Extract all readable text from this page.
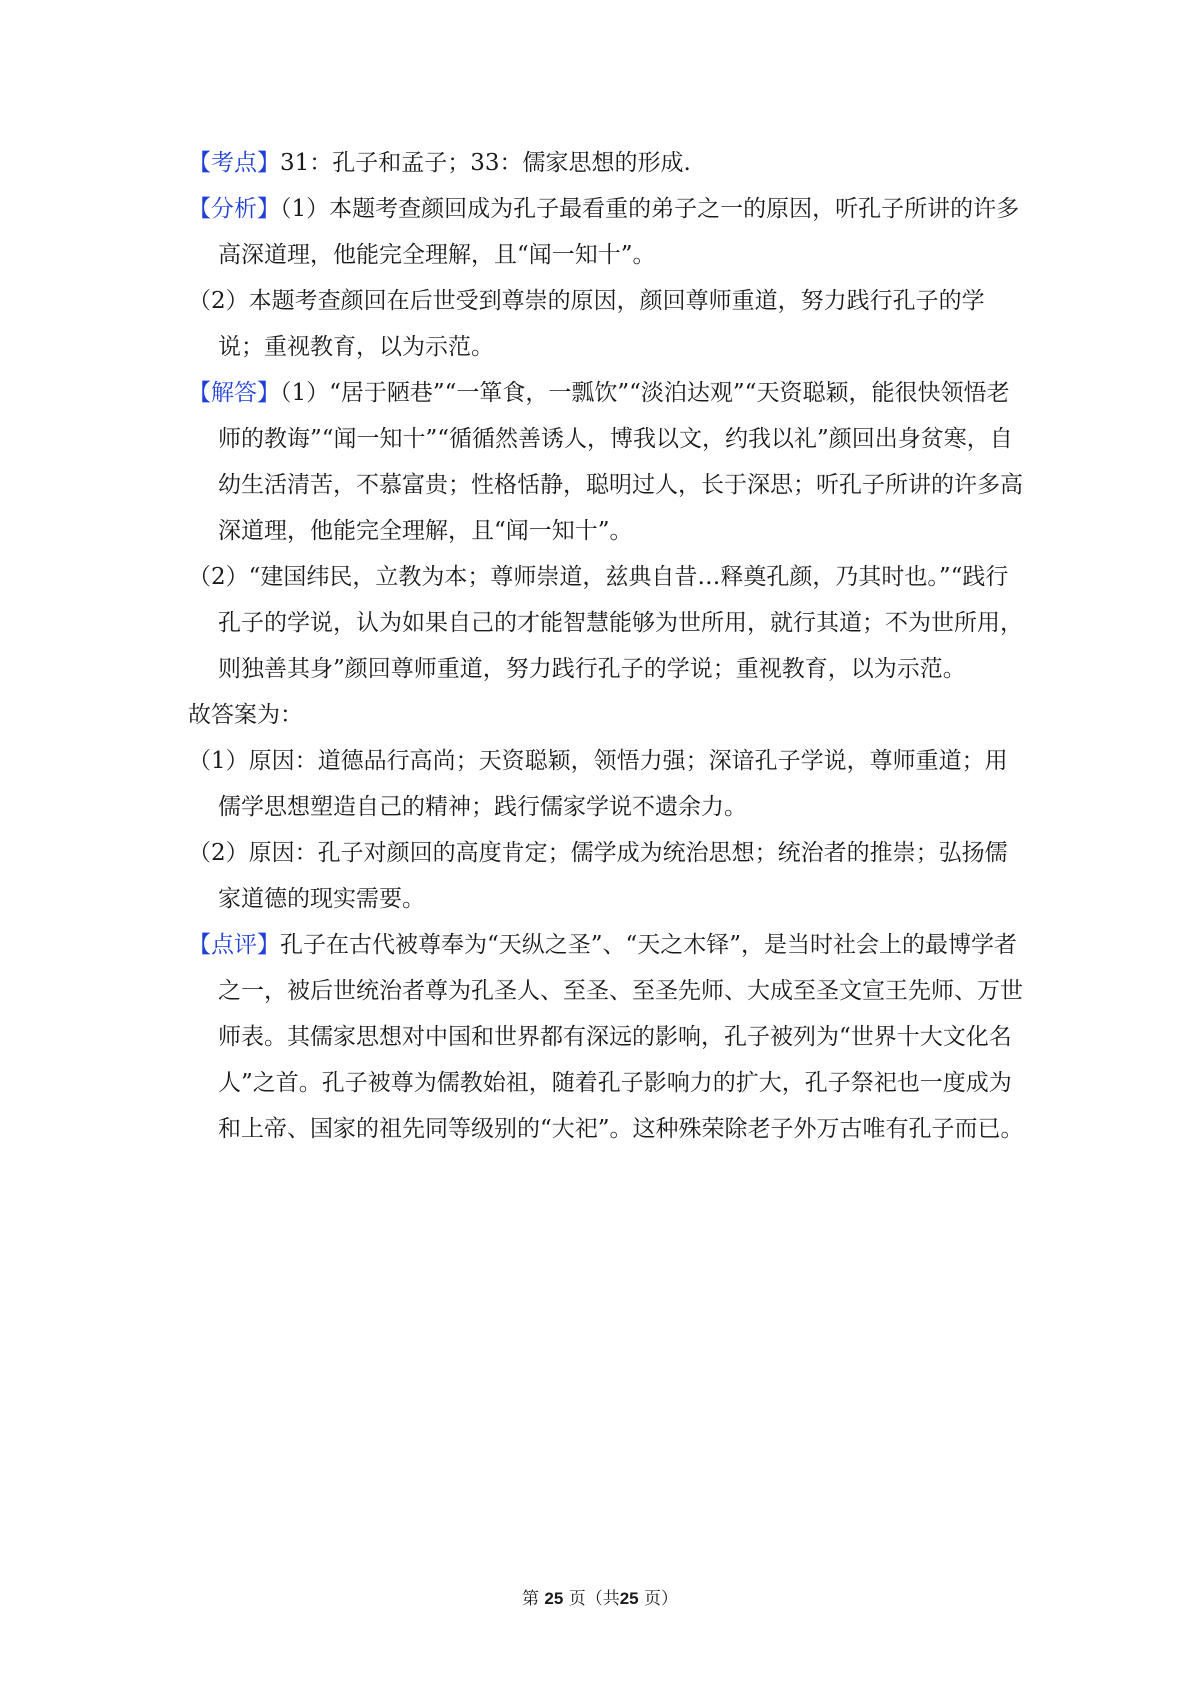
【考点】31：孔子和孟子；33：儒家思想的形成.

【分析】（1）本题考查颜回成为孔子最看重的弟子之一的原因，听孔子所讲的许多高深道理，他能完全理解，且“闻一知十”。

（2）本题考查颜回在后世受到尊崇的原因，颜回尊师重道，努力践行孔子的学说；重视教育，以为示范。

【解答】（1）“居于陋巷”“一箪食，一瓢饮”“淡泊达观”“天资聪颖，能很快领悟老师的教诲”“闻一知十”“循循然善诱人，博我以文，约我以礼”颜回出身贫寒，自幼生活清苦，不慕富贵；性格恬静，聪明过人，长于深思；听孔子所讲的许多高深道理，他能完全理解，且“闻一知十”。

（2）“建国纬民，立教为本；尊师崇道，兹典自昔…释奠孔颜，乃其时也。”“践行孔子的学说，认为如果自己的才能智慧能够为世所用，就行其道；不为世所用，则独善其身”颜回尊师重道，努力践行孔子的学说；重视教育，以为示范。

故答案为：

（1）原因：道德品行高尚；天资聪颖，领悟力强；深谙孔子学说，尊师重道；用儒学思想塑造自己的精神；践行儒家学说不遗余力。

（2）原因：孔子对颜回的高度肯定；儒学成为统治思想；统治者的推崇；弘扬儒家道德的现实需要。

【点评】孔子在古代被尊奉为“天纵之圣”、“天之木铎”，是当时社会上的最博学者之一，被后世统治者尊为孔圣人、至圣、至圣先师、大成至圣文宣王先师、万世师表。其儒家思想对中国和世界都有深远的影响，孔子被列为“世界十大文化名人”之首。孔子被尊为儒教始祖，随着孔子影响力的扩大，孔子祭祀也一度成为和上帝、国家的祖先同等级别的“大祀”。这种殊荣除老子外万古唯有孔子而已。

第 25 页（共25 页）
